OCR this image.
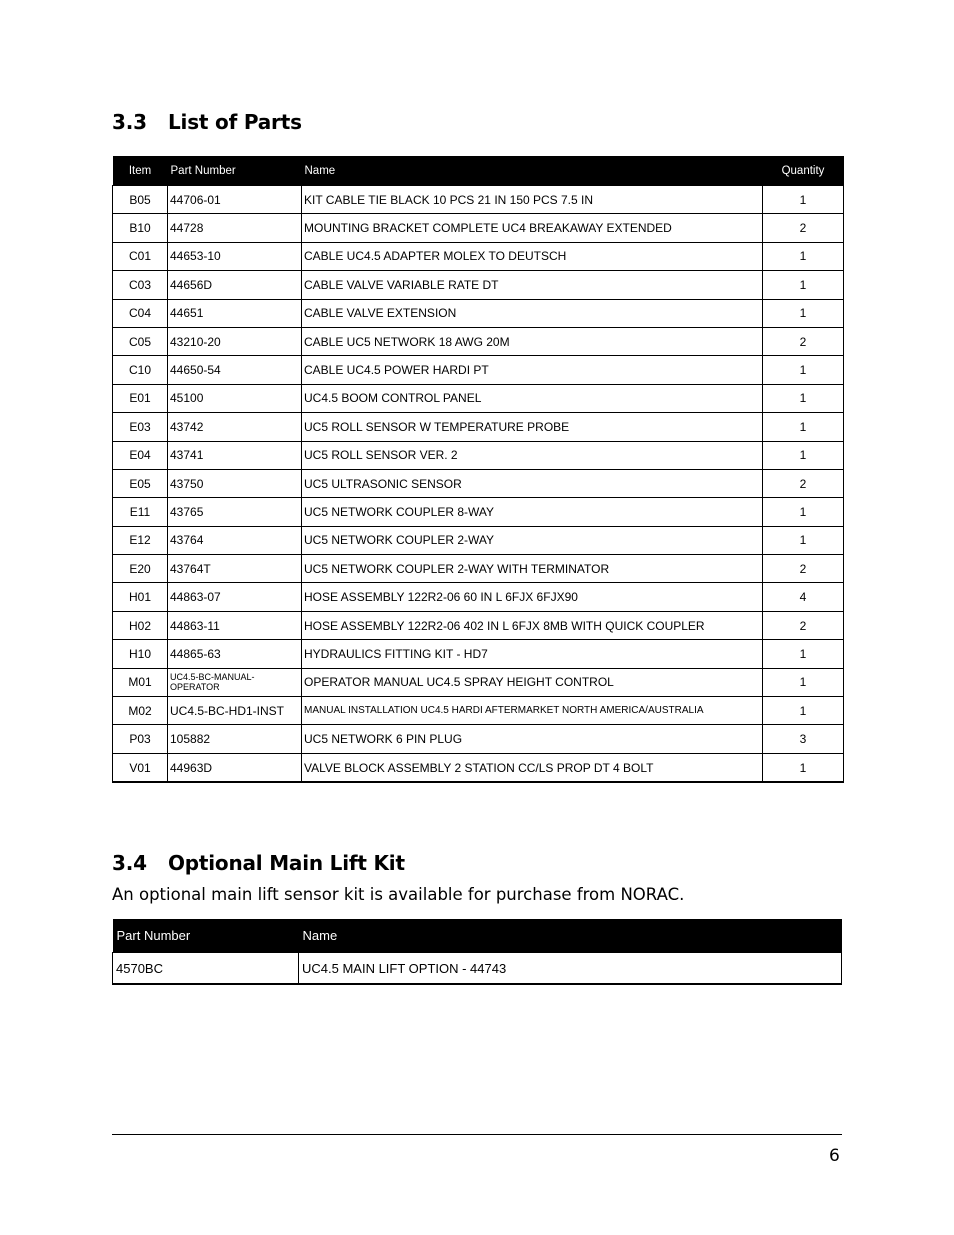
3.3 List of Parts
Item	Part Number	Name	Quantity
B05	44706-01	KIT CABLE TIE BLACK 10 PCS 21 IN 150 PCS 7.5 IN	1
B10	44728	MOUNTING BRACKET COMPLETE UC4 BREAKAWAY EXTENDED	2
C01	44653-10	CABLE UC4.5 ADAPTER MOLEX TO DEUTSCH	1
C03	44656D	CABLE VALVE VARIABLE RATE DT	1
C04	44651	CABLE VALVE EXTENSION	1
C05	43210-20	CABLE UC5 NETWORK 18 AWG 20M	2
C10	44650-54	CABLE UC4.5 POWER HARDI PT	1
E01	45100	UC4.5 BOOM CONTROL PANEL	1
E03	43742	UC5 ROLL SENSOR W TEMPERATURE PROBE	1
E04	43741	UC5 ROLL SENSOR VER. 2	1
E05	43750	UC5 ULTRASONIC SENSOR	2
E11	43765	UC5 NETWORK COUPLER 8-WAY	1
E12	43764	UC5 NETWORK COUPLER 2-WAY	1
E20	43764T	UC5 NETWORK COUPLER 2-WAY WITH TERMINATOR	2
H01	44863-07	HOSE ASSEMBLY 122R2-06 60 IN L 6FJX 6FJX90	4
H02	44863-11	HOSE ASSEMBLY 122R2-06 402 IN L 6FJX 8MB WITH QUICK COUPLER	2
H10	44865-63	HYDRAULICS FITTING KIT - HD7	1
M01	UC4.5-BC-MANUAL-OPERATOR	OPERATOR MANUAL UC4.5 SPRAY HEIGHT CONTROL	1
M02	UC4.5-BC-HD1-INST	MANUAL INSTALLATION UC4.5 HARDI AFTERMARKET NORTH AMERICA/AUSTRALIA	1
P03	105882	UC5 NETWORK 6 PIN PLUG	3
V01	44963D	VALVE BLOCK ASSEMBLY 2 STATION CC/LS PROP DT 4 BOLT	1
3.4 Optional Main Lift Kit
An optional main lift sensor kit is available for purchase from NORAC.
Part Number	Name
4570BC	UC4.5 MAIN LIFT OPTION - 44743
6
